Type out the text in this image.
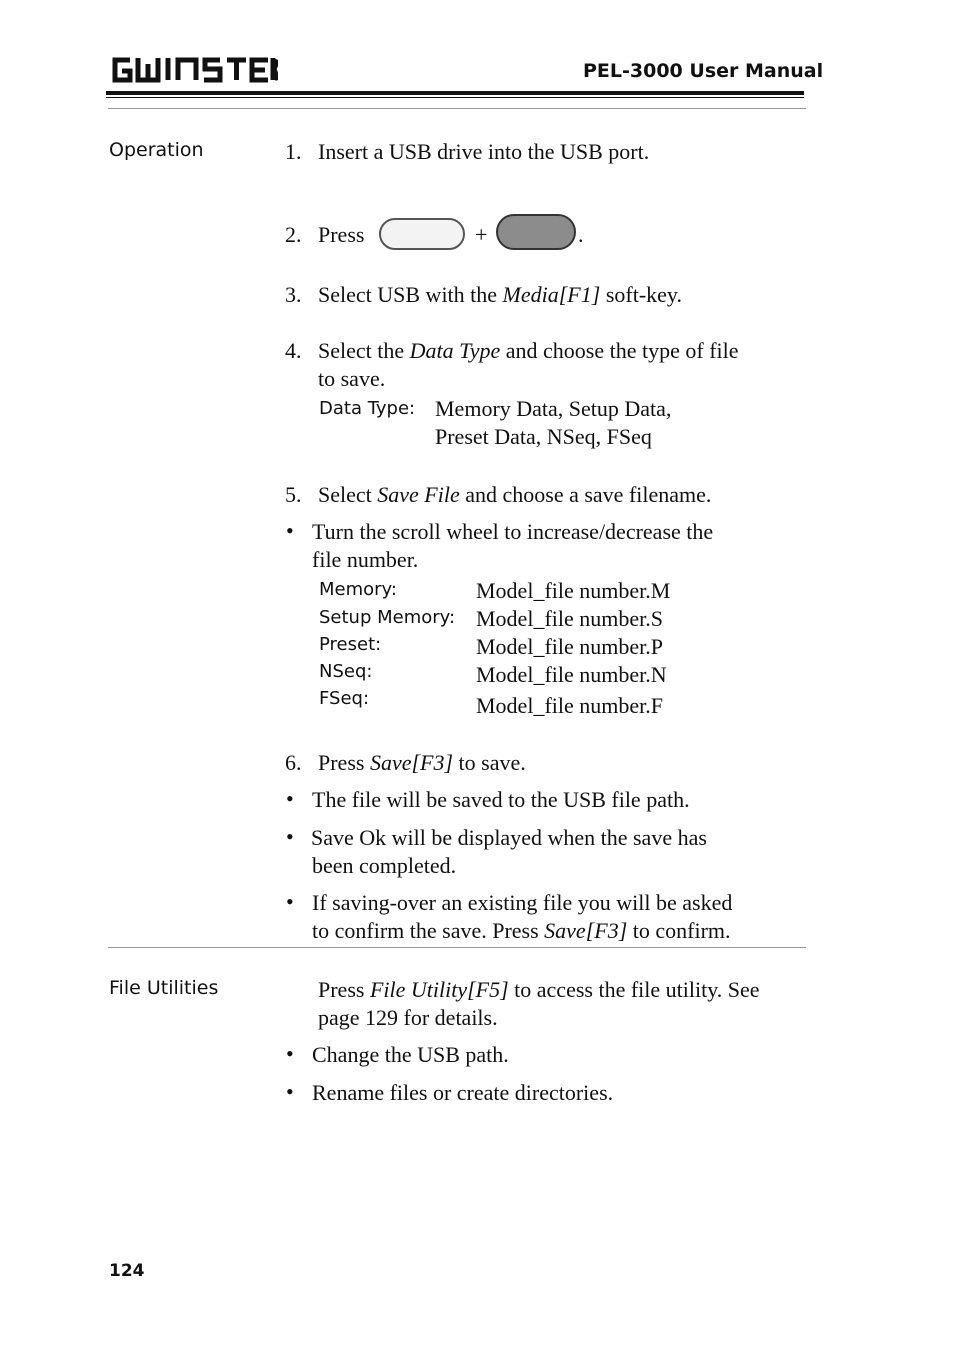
PEL-3000 User Manual
Operation	1. Insert a USB drive into the USB port.
2. Press	+	.
3. Select USB with the Media[F1] soft-key.
4. Select the Data Type and choose the type of file
to save.
Data Type: Memory Data, Setup Data,
Preset Data, NSeq, FSeq
5. Select Save File and choose a save filename.
• Turn the scroll wheel to increase/decrease the
file number.
Memory:	Model_file number.M
Setup Memory: Model_file number.S
Preset:	Model_file number.P
NSeq:	Model_file number.N
FSeq:	Model_file number.F
6. Press Save[F3] to save.
• The file will be saved to the USB file path.
• Save Ok will be displayed when the save has
been completed.
• If saving-over an existing file you will be asked
to confirm the save. Press Save[F3] to confirm.
File Utilities	Press File Utility[F5] to access the file utility. See
page 129 for details.
• Change the USB path.
• Rename files or create directories.
124
